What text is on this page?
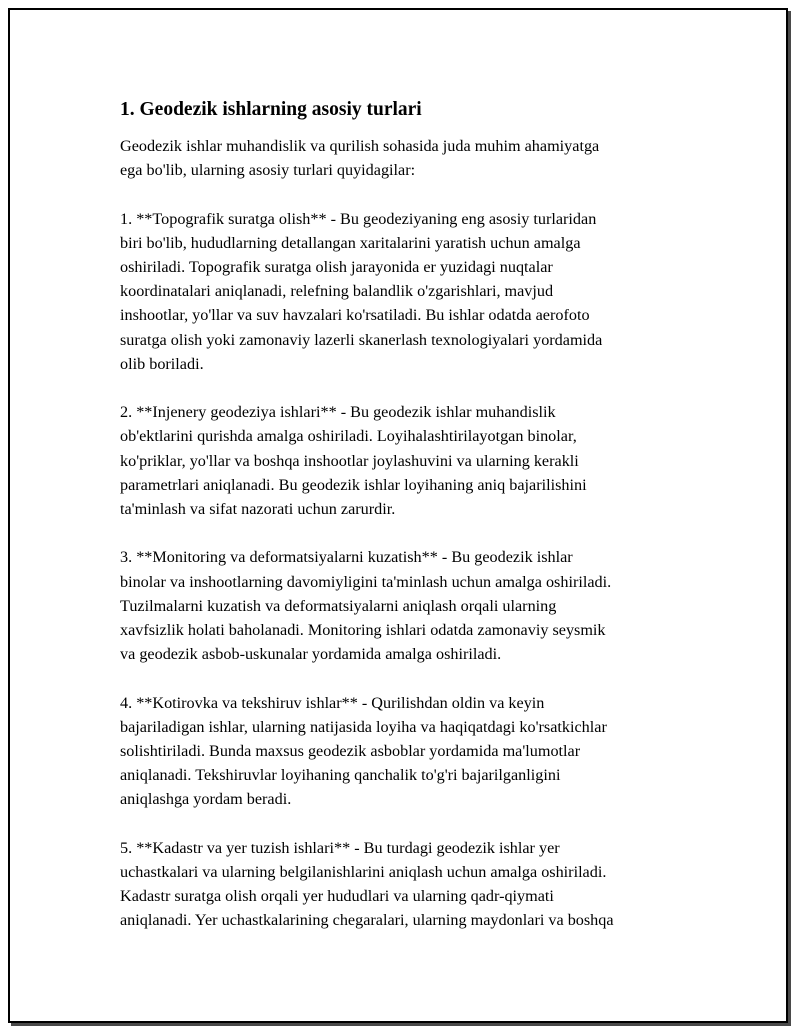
1. Geodezik ishlarning asosiy turlari

Geodezik ishlar muhandislik va qurilish sohasida juda muhim ahamiyatga
ega bo'lib, ularning asosiy turlari quyidagilar:

1. **Topografik suratga olish** - Bu geodeziyaning eng asosiy turlaridan
biri bo'lib, hududlarning detallangan xaritalarini yaratish uchun amalga
oshiriladi. Topografik suratga olish jarayonida er yuzidagi nuqtalar
koordinatalari aniqlanadi, relefning balandlik o'zgarishlari, mavjud
inshootlar, yo'llar va suv havzalari ko'rsatiladi. Bu ishlar odatda aerofoto
suratga olish yoki zamonaviy lazerli skanerlash texnologiyalari yordamida
olib boriladi.

2. **Injenery geodeziya ishlari** - Bu geodezik ishlar muhandislik
ob'ektlarini qurishda amalga oshiriladi. Loyihalashtirilayotgan binolar,
ko'priklar, yo'llar va boshqa inshootlar joylashuvini va ularning kerakli
parametrlari aniqlanadi. Bu geodezik ishlar loyihaning aniq bajarilishini
ta'minlash va sifat nazorati uchun zarurdir.

3. **Monitoring va deformatsiyalarni kuzatish** - Bu geodezik ishlar
binolar va inshootlarning davomiyligini ta'minlash uchun amalga oshiriladi.
Tuzilmalarni kuzatish va deformatsiyalarni aniqlash orqali ularning
xavfsizlik holati baholanadi. Monitoring ishlari odatda zamonaviy seysmik
va geodezik asbob-uskunalar yordamida amalga oshiriladi.

4. **Kotirovka va tekshiruv ishlar** - Qurilishdan oldin va keyin
bajariladigan ishlar, ularning natijasida loyiha va haqiqatdagi ko'rsatkichlar
solishtiriladi. Bunda maxsus geodezik asboblar yordamida ma'lumotlar
aniqlanadi. Tekshiruvlar loyihaning qanchalik to'g'ri bajarilganligini
aniqlashga yordam beradi.

5. **Kadastr va yer tuzish ishlari** - Bu turdagi geodezik ishlar yer
uchastkalari va ularning belgilanishlarini aniqlash uchun amalga oshiriladi.
Kadastr suratga olish orqali yer hududlari va ularning qadr-qiymati
aniqlanadi. Yer uchastkalarining chegaralari, ularning maydonlari va boshqa
